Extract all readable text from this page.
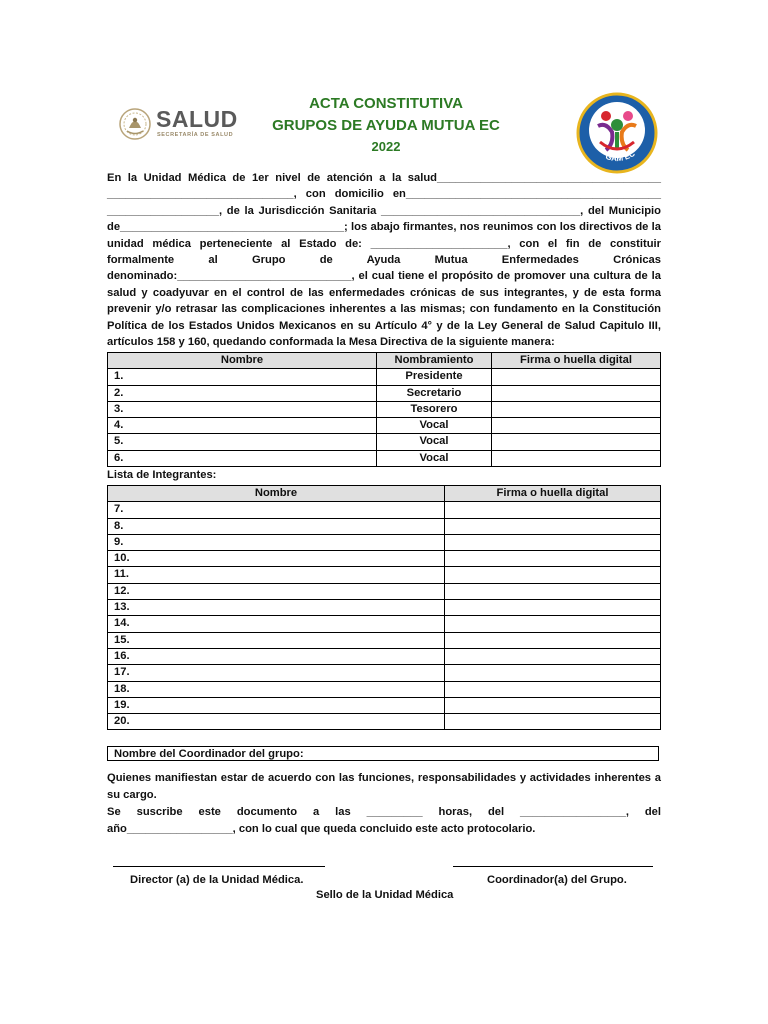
SALUD
SECRETARÍA DE SALUD
ACTA CONSTITUTIVA
GRUPOS DE AYUDA MUTUA EC
2022
GAM EC
En la Unidad Médica de 1er nivel de atención a la salud____________________________________ ______________________________, con domicilio en_________________________________________ __________________, de la Jurisdicción Sanitaria ________________________________, del Municipio de____________________________________; los abajo firmantes, nos reunimos con los directivos de la unidad médica perteneciente al Estado de: ______________________, con el fin de constituir formalmente al Grupo de Ayuda Mutua Enfermedades Crónicas denominado:____________________________, el cual tiene el propósito de promover una cultura de la salud y coadyuvar en el control de las enfermedades crónicas de sus integrantes, y de esta forma prevenir y/o retrasar las complicaciones inherentes a las mismas; con fundamento en la Constitución Política de los Estados Unidos Mexicanos en su Artículo 4° y de la Ley General de Salud Capitulo III, artículos 158 y 160, quedando conformada la Mesa Directiva de la siguiente manera:
Nombre	Nombramiento	Firma o huella digital
1.	Presidente	
2.	Secretario	
3.	Tesorero	
4.	Vocal	
5.	Vocal	
6.	Vocal	
Lista de Integrantes:
Nombre	Firma o huella digital
7.	
8.	
9.	
10.	
11.	
12.	
13.	
14.	
15.	
16.	
17.	
18.	
19.	
20.	
Nombre del Coordinador del grupo:
Quienes manifiestan estar de acuerdo con las funciones, responsabilidades y actividades inherentes a su cargo.
Se suscribe este documento a las _________ horas, del _________________, del año_________________, con lo cual que queda concluido este acto protocolario.
Director (a) de la Unidad Médica.	Coordinador(a) del Grupo.
Sello de la Unidad Médica
